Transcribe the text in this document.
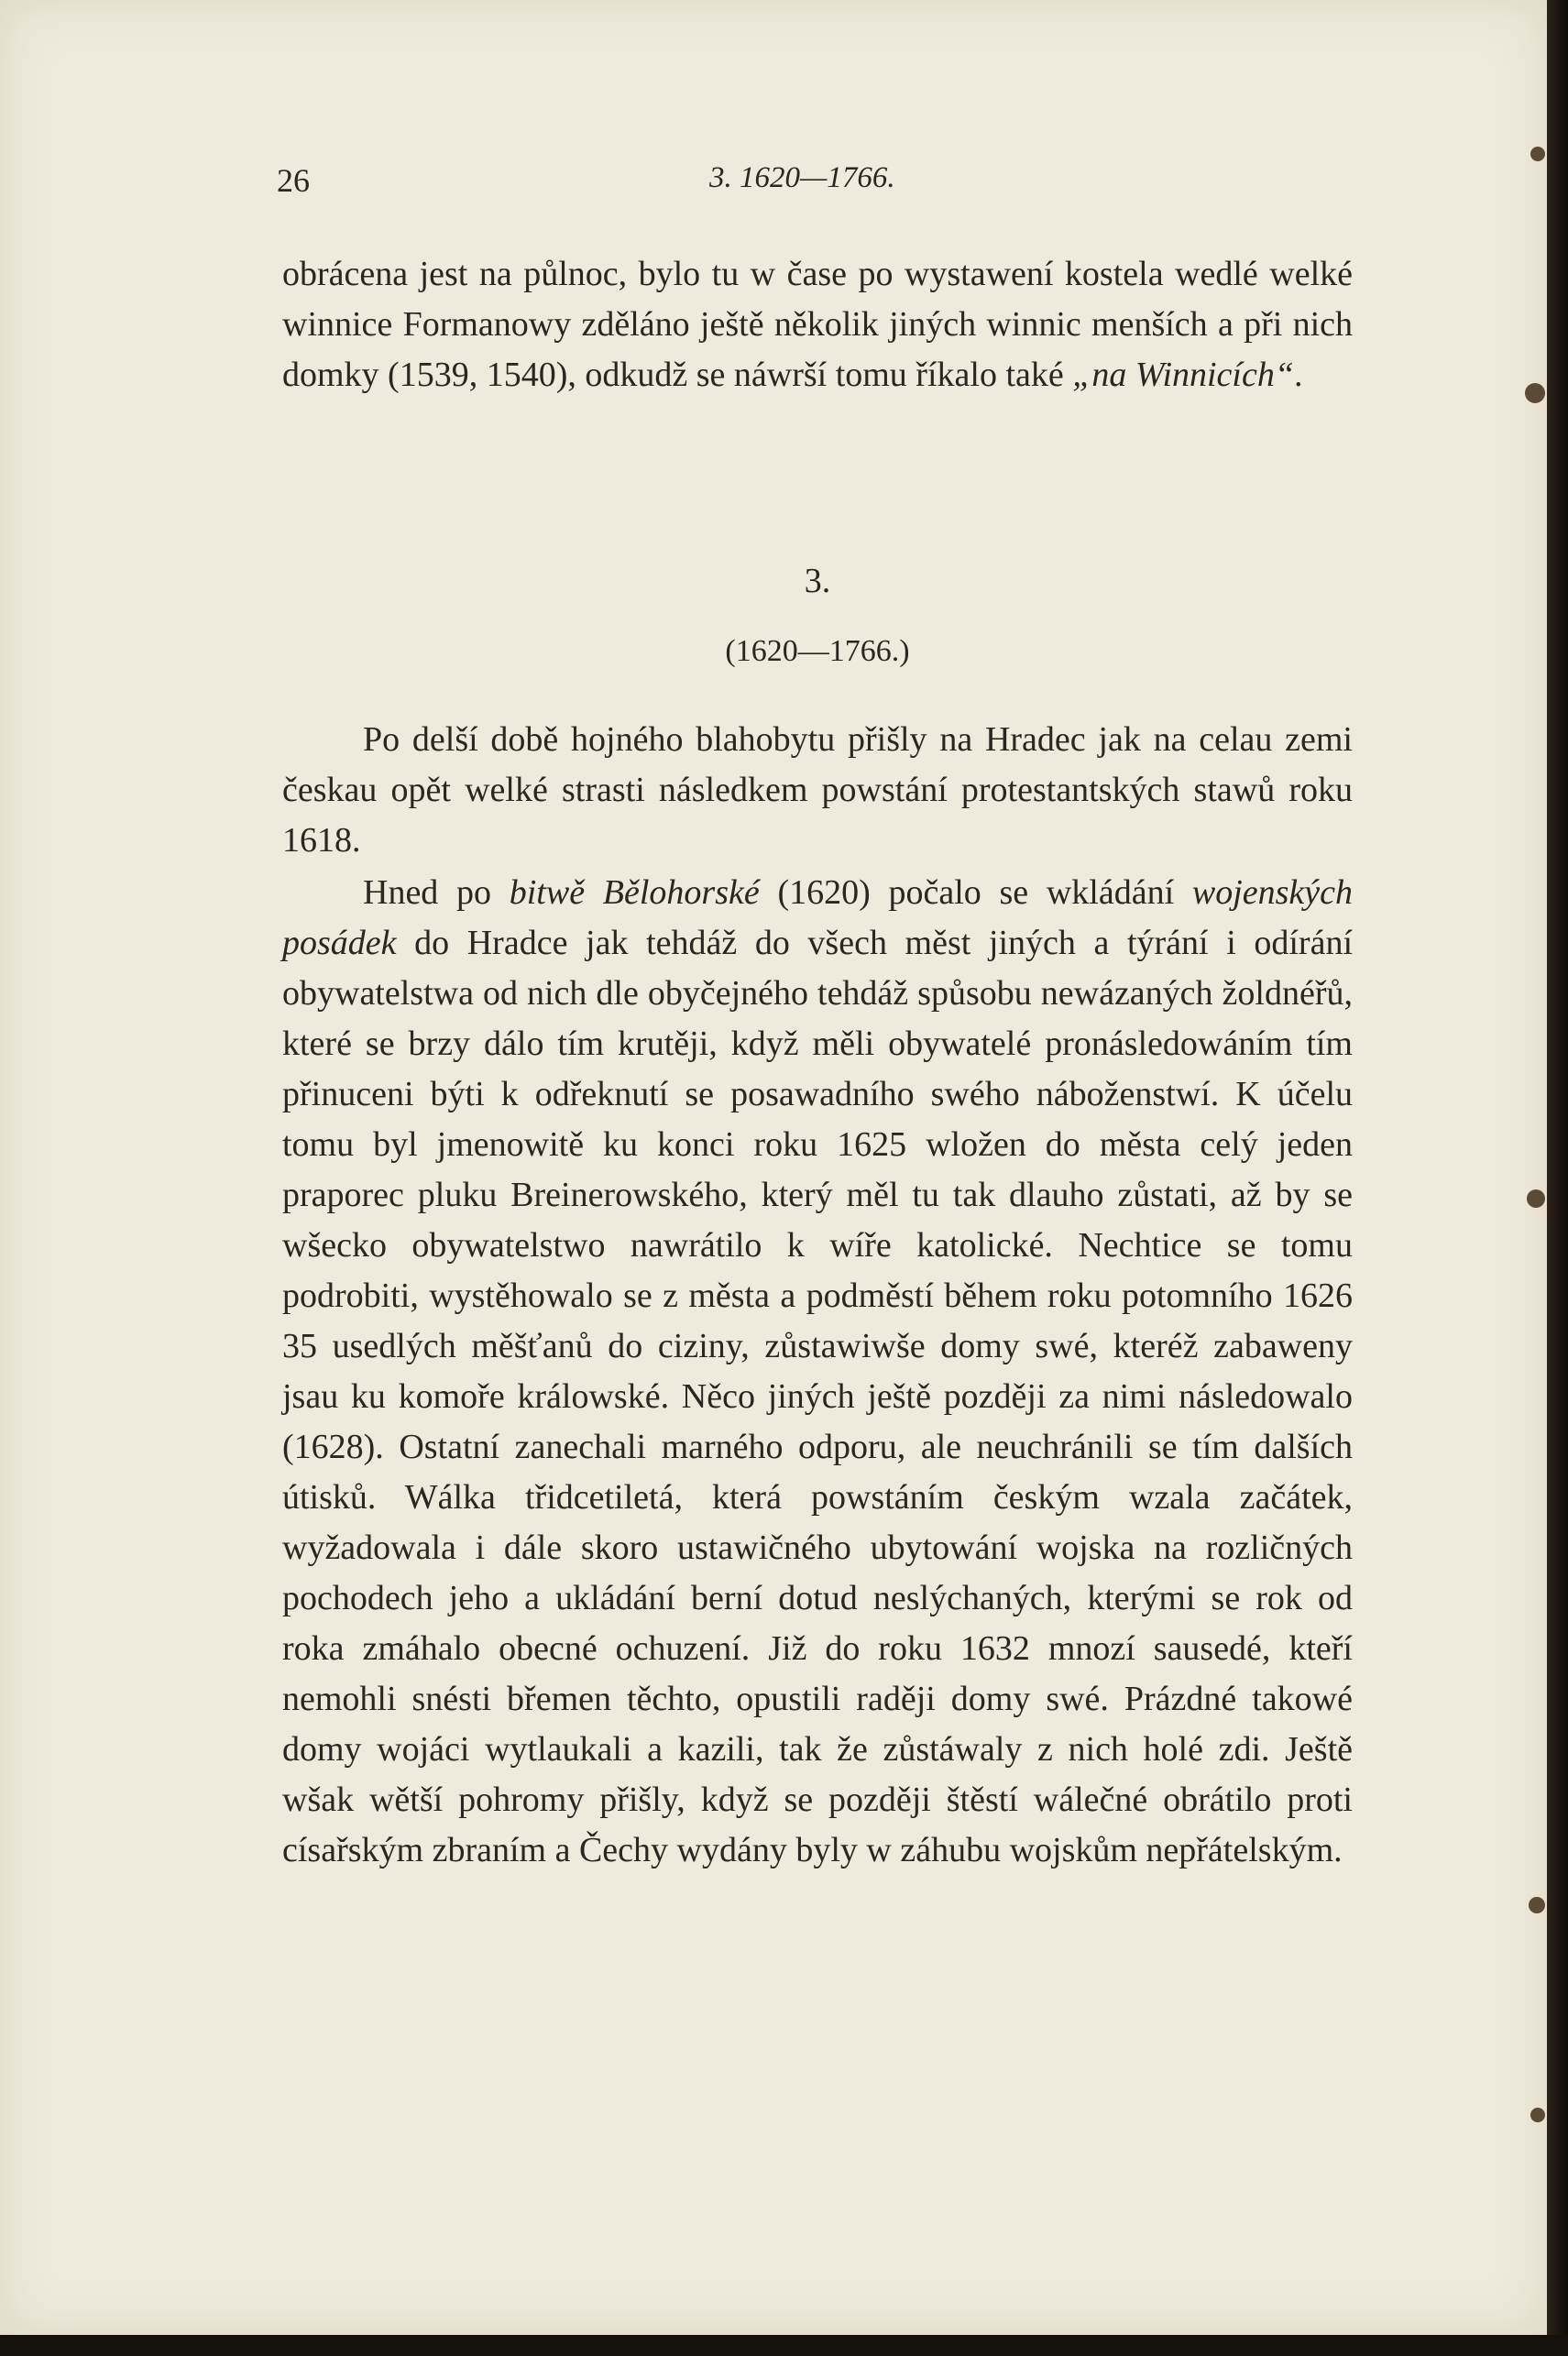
26	3. 1620—1766.
obrácena jest na půlnoc, bylo tu w čase po wystawení kostela wedlé welké winnice Formanowy zděláno ještě několik jiných winnic menších a při nich domky (1539, 1540), odkudž se náwrší tomu říkalo také „na Winnicích“.
3.
(1620—1766.)

Po delší době hojného blahobytu přišly na Hradec jak na celau zemi českau opět welké strasti následkem powstání protestantských stawů roku 1618.

Hned po bitwě Bělohorské (1620) počalo se wkládání wojenských posádek do Hradce jak tehdáž do všech měst jiných a týrání i odírání obywatelstwa od nich dle obyčejného tehdáž spůsobu newázaných žoldnéřů, které se brzy dálo tím krutěji, když měli obywatelé pronásledowáním tím přinuceni býti k odřeknutí se posawadního swého náboženstwí. K účelu tomu byl jmenowitě ku konci roku 1625 wložen do města celý jeden praporec pluku Breinerowského, který měl tu tak dlauho zůstati, až by se wšecko obywatelstwo nawrátilo k wíře katolické. Nechtice se tomu podrobiti, wystěhowalo se z města a podměstí během roku potomního 1626 35 usedlých měšťanů do ciziny, zůstawiwše domy swé, kteréž zabaweny jsau ku komoře králowské. Něco jiných ještě později za nimi následowalo (1628). Ostatní zanechali marného odporu, ale neuchránili se tím dalších útisků. Wálka třidcetiletá, která powstáním českým wzala začátek, wyžadowala i dále skoro ustawičného ubytowání wojska na rozličných pochodech jeho a ukládání berní dotud neslýchaných, kterými se rok od roka zmáhalo obecné ochuzení. Již do roku 1632 mnozí sausedé, kteří nemohli snésti břemen těchto, opustili raději domy swé. Prázdné takowé domy wojáci wytlaukali a kazili, tak že zůstáwaly z nich holé zdi. Ještě wšak wětší pohromy přišly, když se později štěstí wálečné obrátilo proti císařským zbraním a Čechy wydány byly w záhubu wojskům nepřátelským.
